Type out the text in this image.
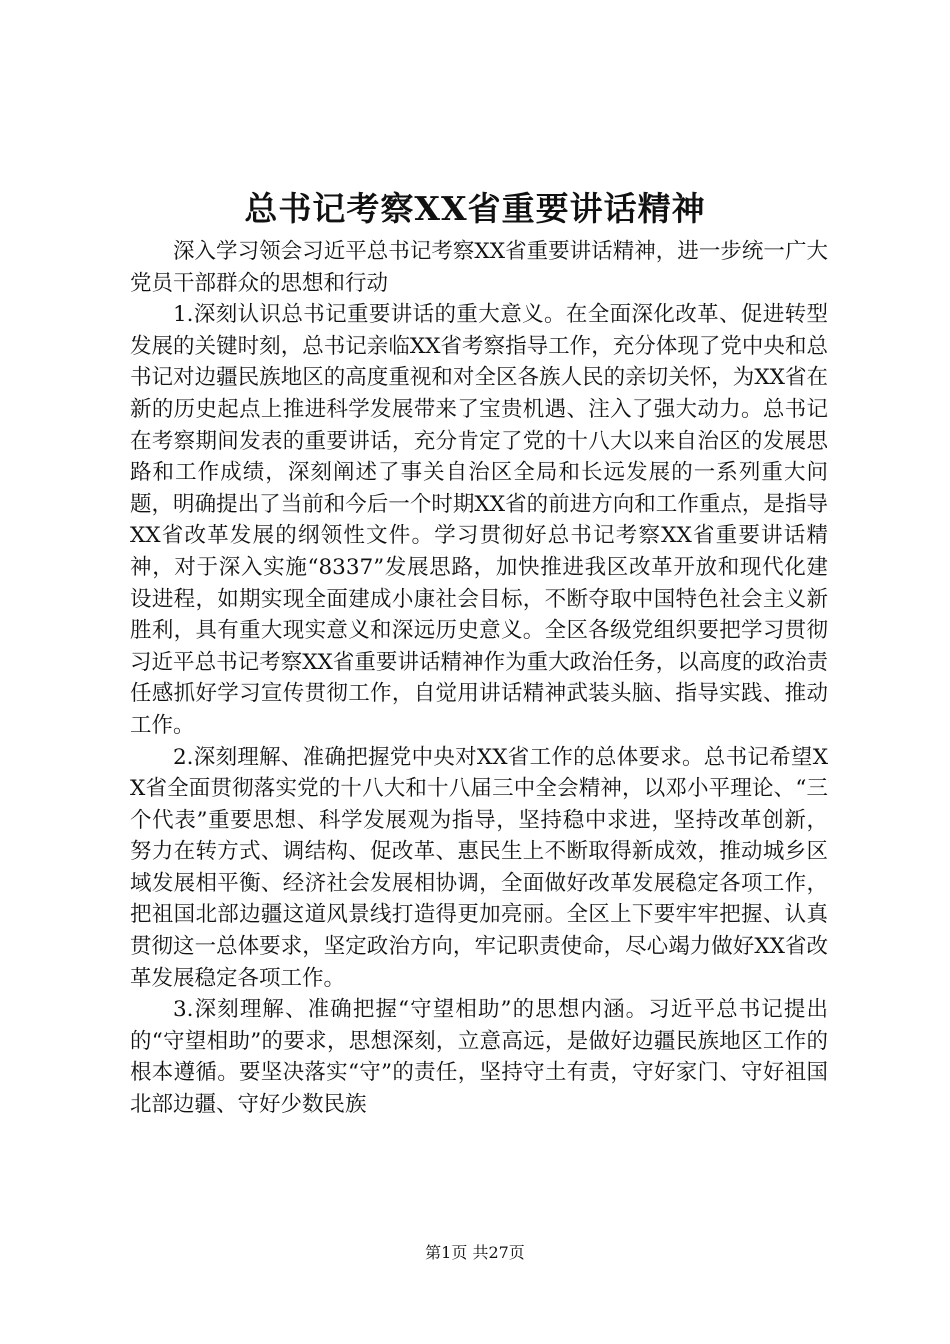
总书记考察XX省重要讲话精神

深入学习领会习近平总书记考察XX省重要讲话精神，进一步统一广大党员干部群众的思想和行动

1.深刻认识总书记重要讲话的重大意义。在全面深化改革、促进转型发展的关键时刻，总书记亲临XX省考察指导工作，充分体现了党中央和总书记对边疆民族地区的高度重视和对全区各族人民的亲切关怀，为XX省在新的历史起点上推进科学发展带来了宝贵机遇、注入了强大动力。总书记在考察期间发表的重要讲话，充分肯定了党的十八大以来自治区的发展思路和工作成绩，深刻阐述了事关自治区全局和长远发展的一系列重大问题，明确提出了当前和今后一个时期XX省的前进方向和工作重点，是指导XX省改革发展的纲领性文件。学习贯彻好总书记考察XX省重要讲话精神，对于深入实施“8337”发展思路，加快推进我区改革开放和现代化建设进程，如期实现全面建成小康社会目标，不断夺取中国特色社会主义新胜利，具有重大现实意义和深远历史意义。全区各级党组织要把学习贯彻习近平总书记考察XX省重要讲话精神作为重大政治任务，以高度的政治责任感抓好学习宣传贯彻工作，自觉用讲话精神武装头脑、指导实践、推动工作。

2.深刻理解、准确把握党中央对XX省工作的总体要求。总书记希望XX省全面贯彻落实党的十八大和十八届三中全会精神，以邓小平理论、“三个代表”重要思想、科学发展观为指导，坚持稳中求进，坚持改革创新，努力在转方式、调结构、促改革、惠民生上不断取得新成效，推动城乡区域发展相平衡、经济社会发展相协调，全面做好改革发展稳定各项工作，把祖国北部边疆这道风景线打造得更加亮丽。全区上下要牢牢把握、认真贯彻这一总体要求，坚定政治方向，牢记职责使命，尽心竭力做好XX省改革发展稳定各项工作。

3.深刻理解、准确把握“守望相助”的思想内涵。习近平总书记提出的“守望相助”的要求，思想深刻，立意高远，是做好边疆民族地区工作的根本遵循。要坚决落实“守”的责任，坚持守土有责，守好家门、守好祖国北部边疆、守好少数民族

第1页 共27页
